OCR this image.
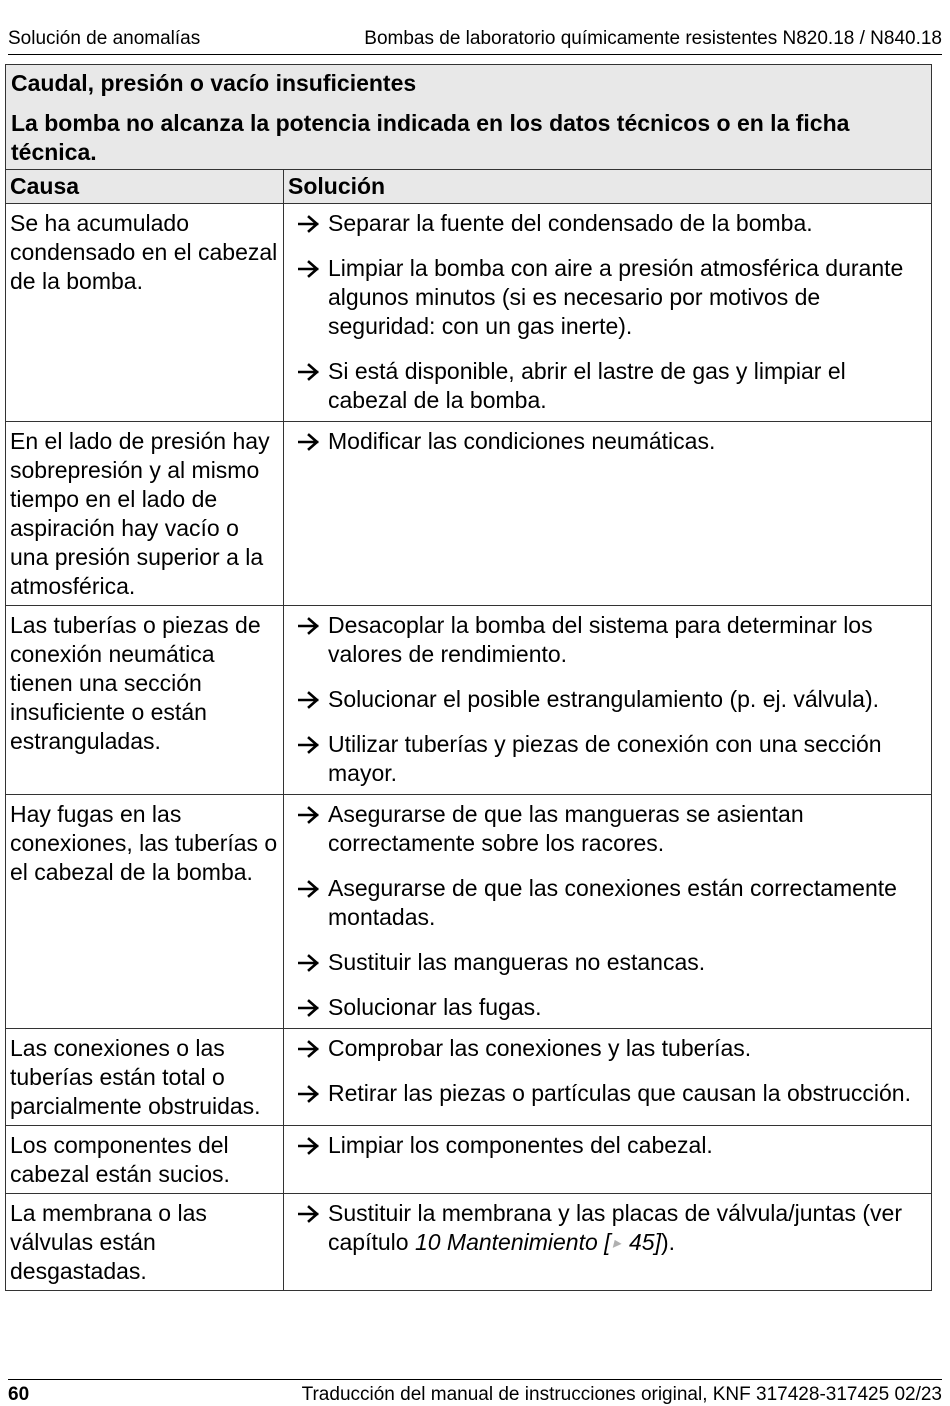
Solución de anomalías	Bombas de laboratorio químicamente resistentes N820.18 / N840.18
Caudal, presión o vacío insuficientes
La bomba no alcanza la potencia indicada en los datos técnicos o en la ficha técnica.	

Causa	Solución
Se ha acumulado condensado en el cabezal de la bomba.	Separar la fuente del condensado de la bomba.
Limpiar la bomba con aire a presión atmosférica durante algunos minutos (si es necesario por motivos de seguridad: con un gas inerte).
Si está disponible, abrir el lastre de gas y limpiar el cabezal de la bomba.

En el lado de presión hay sobrepresión y al mismo tiempo en el lado de aspiración hay vacío o una presión superior a la atmosférica.	Modificar las condiciones neumáticas.

Las tuberías o piezas de conexión neumática tienen una sección insuficiente o están estranguladas.	Desacoplar la bomba del sistema para determinar los valores de rendimiento.
Solucionar el posible estrangulamiento (p. ej. válvula).
Utilizar tuberías y piezas de conexión con una sección mayor.

Hay fugas en las conexiones, las tuberías o el cabezal de la bomba.	Asegurarse de que las mangueras se asientan correctamente sobre los racores.
Asegurarse de que las conexiones están correctamente montadas.
Sustituir las mangueras no estancas.
Solucionar las fugas.

Las conexiones o las tuberías están total o parcialmente obstruidas.	Comprobar las conexiones y las tuberías.
Retirar las piezas o partículas que causan la obstrucción.

Los componentes del cabezal están sucios.	Limpiar los componentes del cabezal.

La membrana o las válvulas están desgastadas.	Sustituir la membrana y las placas de válvula/juntas (ver capítulo 10 Mantenimiento [ ▸ 45]).
60	Traducción del manual de instrucciones original, KNF 317428-317425 02/23
